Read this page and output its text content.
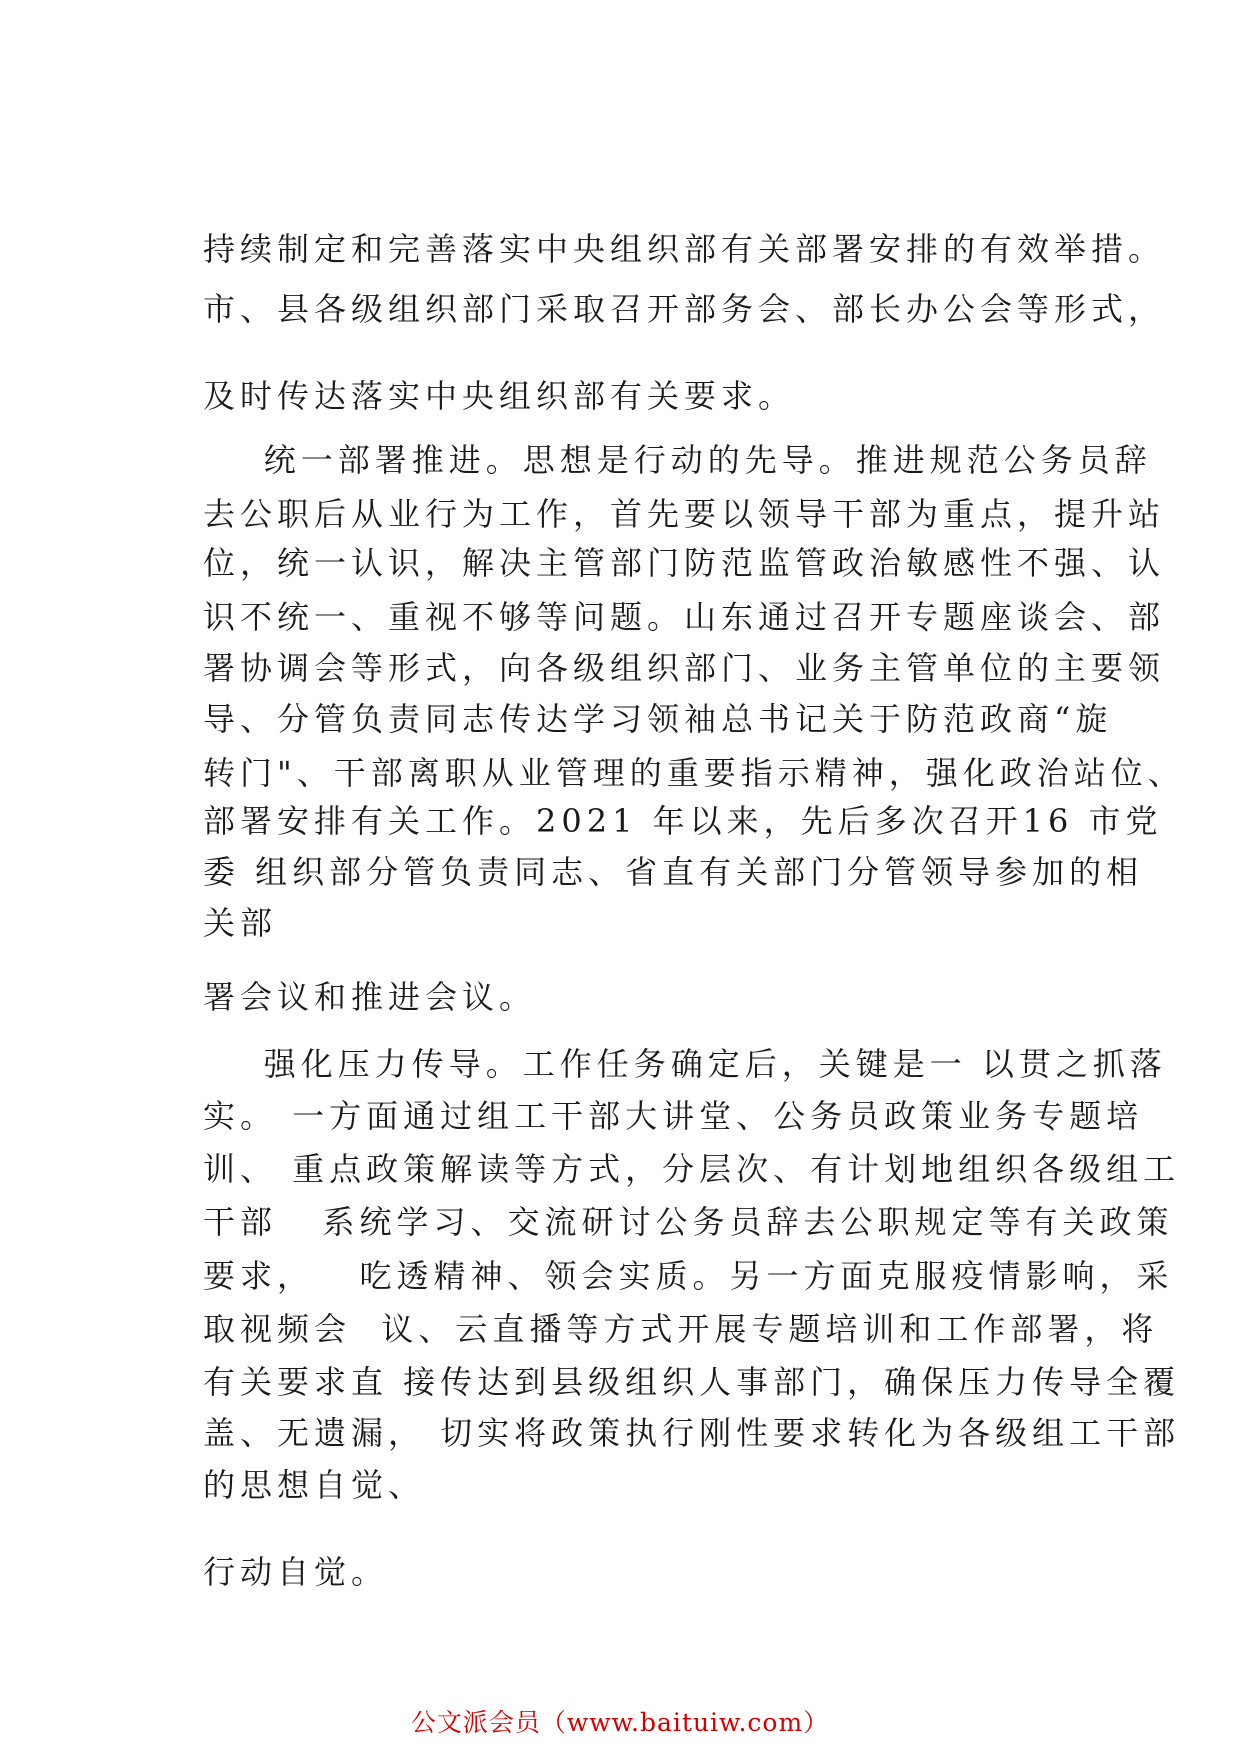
持续制定和完善落实中央组织部有关部署安排的有效举措。
市、县各级组织部门采取召开部务会、部长办公会等形式，
及时传达落实中央组织部有关要求。
统一部署推进。思想是行动的先导。推进规范公务员辞
去公职后从业行为工作，首先要以领导干部为重点，提升站
位，统一认识，解决主管部门防范监管政治敏感性不强、认
识不统一、重视不够等问题。山东通过召开专题座谈会、部
署协调会等形式，向各级组织部门、业务主管单位的主要领
导、分管负责同志传达学习领袖总书记关于防范政商“旋
转门"、干部离职从业管理的重要指示精神，强化政治站位、
部署安排有关工作。2021 年以来，先后多次召开16 市党
委 组织部分管负责同志、省直有关部门分管领导参加的相
关部
署会议和推进会议。
强化压力传导。工作任务确定后，关键是一 以贯之抓落
实。 一方面通过组工干部大讲堂、公务员政策业务专题培
训、 重点政策解读等方式，分层次、有计划地组织各级组工
干部   系统学习、交流研讨公务员辞去公职规定等有关政策
要求，   吃透精神、领会实质。另一方面克服疫情影响，采
取视频会  议、云直播等方式开展专题培训和工作部署，将
有关要求直 接传达到县级组织人事部门，确保压力传导全覆
盖、无遗漏， 切实将政策执行刚性要求转化为各级组工干部
的思想自觉、
行动自觉。
公文派会员（www.baituiw.com）
